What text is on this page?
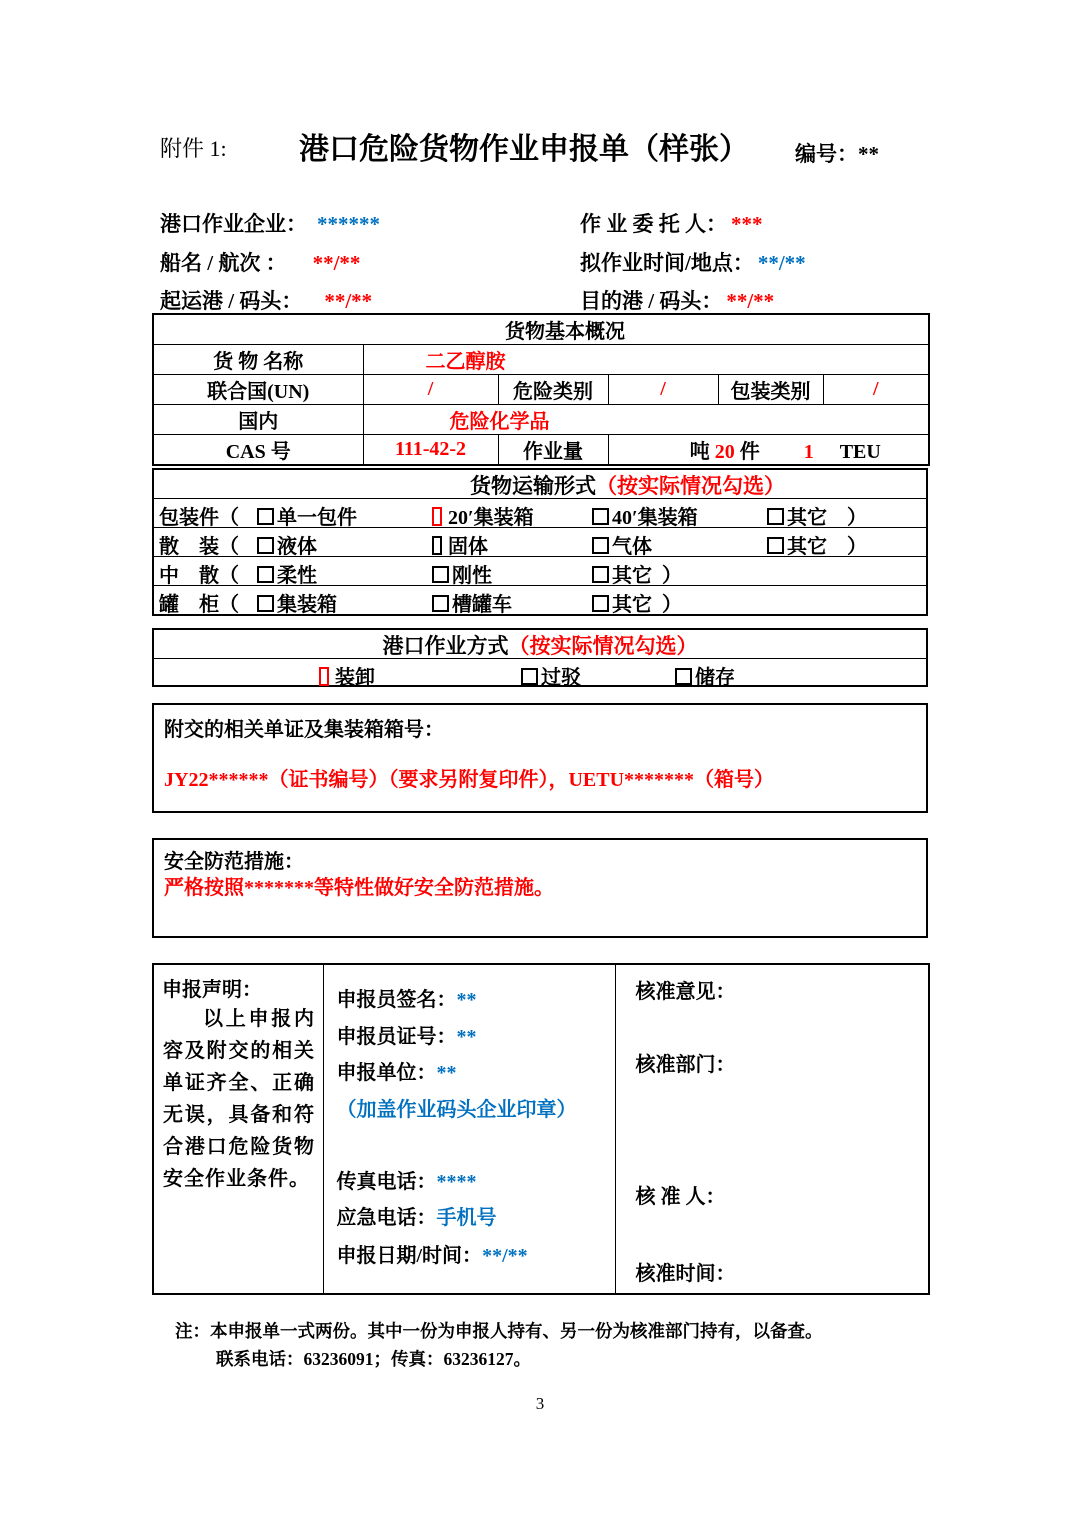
附件 1: 港口危险货物作业申报单（样张） 编号：**
港口作业企业： ******	作 业 委 托 人： ***
船名 / 航次 ： **/**	拟作业时间/地点： **/**
起运港 / 码头： **/**	目的港 / 码头： **/**
货物基本概况					
货 物 名称	二乙醇胺				
联合国(UN)	/	危险类别	/	包装类别	/
国内	危险化学品				
CAS 号	111-42-2	作业量	吨 20 件 1 TEU		
货物运输形式（按实际情况勾选）
包装件（	单一包件	20′集装箱	40′集装箱	其它 ）
散　装（	液体	固体	气体	其它 ）
中　散（	柔性	刚性	其它 ）
罐　柜（	集装箱	槽罐车	其它 ）
港口作业方式（按实际情况勾选）
装卸	过驳	储存
附交的相关单证及集装箱箱号：
JY22******（证书编号）（要求另附复印件），UETU*******（箱号）
安全防范措施：
严格按照*******等特性做好安全防范措施。
申报声明：

以上申报内容及附交的相关单证齐全、正确无误，具备和符合港口危险货物安全作业条件。

申报员签名：**
申报员证号：**
申报单位：**
（加盖作业码头企业印章）
传真电话：****
应急电话：手机号
申报日期/时间：**/**

核准意见：
核准部门：
核 准 人：
核准时间：
注：本申报单一式两份。其中一份为申报人持有、另一份为核准部门持有，以备查。
联系电话：63236091；传真：63236127。
3
